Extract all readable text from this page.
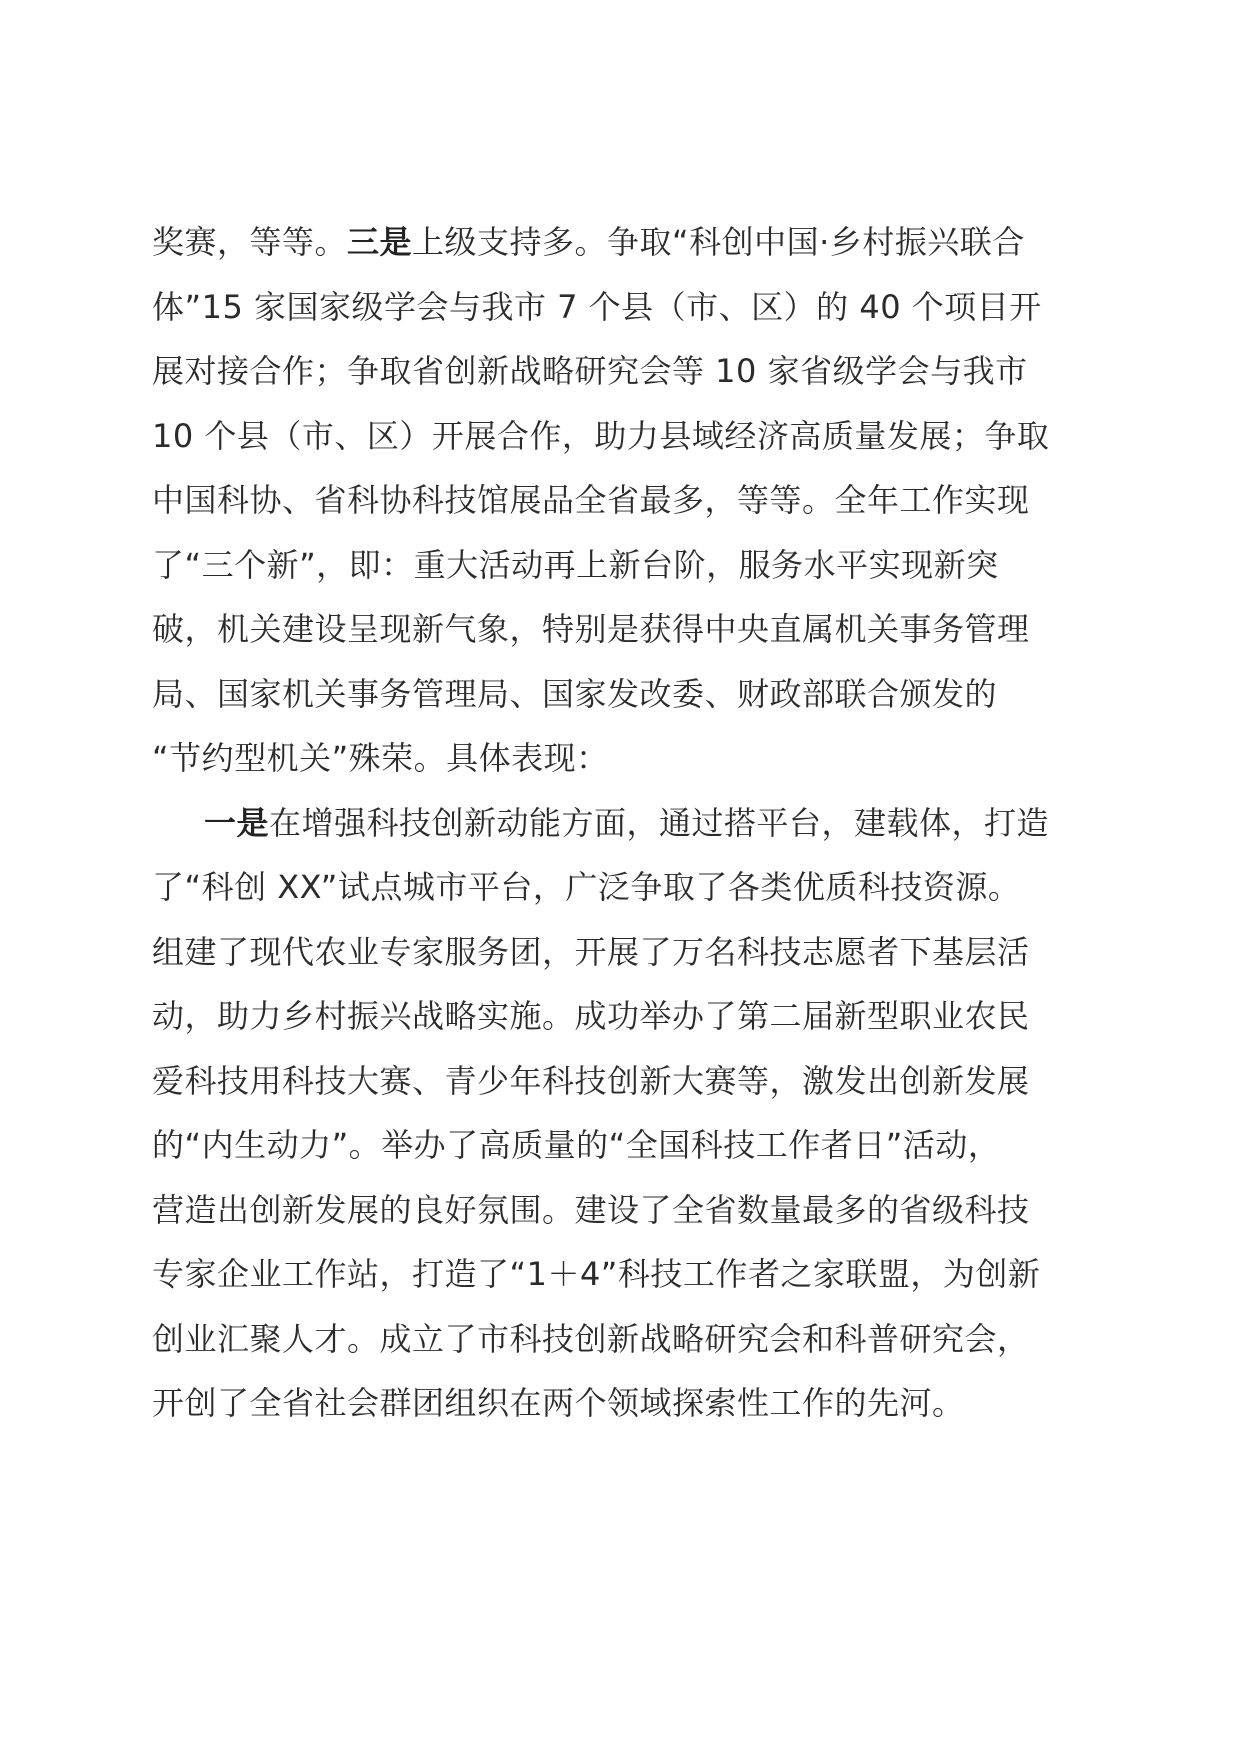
奖赛，等等。三是上级支持多。争取“科创中国·乡村振兴联合
体”15 家国家级学会与我市 7 个县（市、区）的 40 个项目开
展对接合作；争取省创新战略研究会等 10 家省级学会与我市
10 个县（市、区）开展合作，助力县域经济高质量发展；争取
中国科协、省科协科技馆展品全省最多，等等。全年工作实现
了“三个新”，即：重大活动再上新台阶，服务水平实现新突
破，机关建设呈现新气象，特别是获得中央直属机关事务管理
局、国家机关事务管理局、国家发改委、财政部联合颁发的
“节约型机关”殊荣。具体表现：
一是在增强科技创新动能方面，通过搭平台，建载体，打造
了“科创 XX”试点城市平台，广泛争取了各类优质科技资源。
组建了现代农业专家服务团，开展了万名科技志愿者下基层活
动，助力乡村振兴战略实施。成功举办了第二届新型职业农民
爱科技用科技大赛、青少年科技创新大赛等，激发出创新发展
的“内生动力”。举办了高质量的“全国科技工作者日”活动，
营造出创新发展的良好氛围。建设了全省数量最多的省级科技
专家企业工作站，打造了“1＋4”科技工作者之家联盟，为创新
创业汇聚人才。成立了市科技创新战略研究会和科普研究会，
开创了全省社会群团组织在两个领域探索性工作的先河。
